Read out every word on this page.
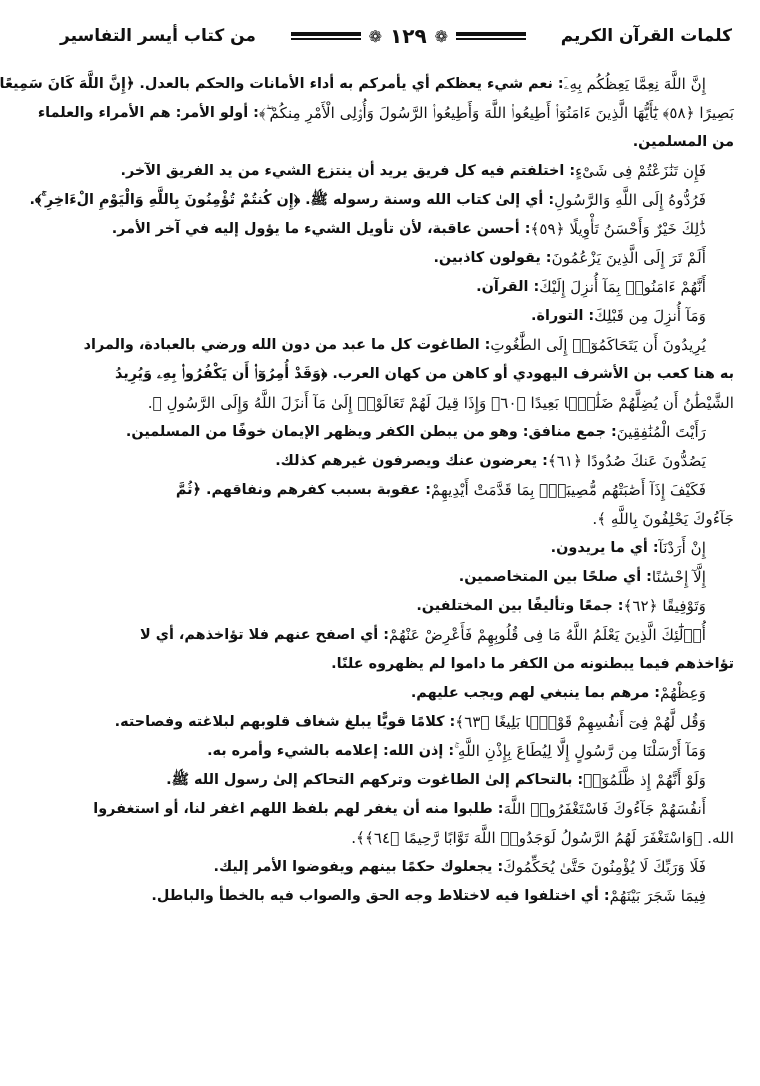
كلمات القرآن الكريم
❁ ١٢٩ ❁
من كتاب أيسر التفاسير
إِنَّ اللَّهَ نِعِمَّا يَعِظُكُم بِهِۦٓ
: نعم شيء يعظكم أي يأمركم به أداء الأمانات والحكم بالعدل. ﴿إِنَّ اللَّهَ كَانَ سَمِيعًا
بَصِيرًا ﴿٥٨﴾ يَٰٓأَيُّهَا الَّذِينَ ءَامَنُوٓا۟ أَطِيعُوا۟ اللَّهَ وَأَطِيعُوا۟ الرَّسُولَ وَأُو۟لِى الْأَمْرِ مِنكُمْ ۖ﴾
: أولو الأمر: هم الأمراء والعلماء
من المسلمين.
فَإِن تَنَٰزَعْتُمْ فِى شَىْءٍ
: اختلفتم فيه كل فريق يريد أن ينتزع الشيء من يد الفريق الآخر.
فَرُدُّوهُ إِلَى اللَّهِ وَالرَّسُولِ
: أي إلىٰ كتاب الله وسنة رسوله ﷺ. ﴿إِن كُنتُمْ تُؤْمِنُونَ بِاللَّهِ وَالْيَوْمِ الْءَاخِرِ ۚ﴾.
ذَٰلِكَ خَيْرٌ وَأَحْسَنُ تَأْوِيلًا ﴿٥٩﴾
: أحسن عاقبة، لأن تأويل الشيء ما يؤول إليه في آخر الأمر.
أَلَمْ تَرَ إِلَى الَّذِينَ يَزْعُمُونَ
: يقولون كاذبين.
أَنَّهُمْ ءَامَنُوا۟ بِمَآ أُنزِلَ إِلَيْكَ
: القرآن.
وَمَآ أُنزِلَ مِن قَبْلِكَ
: التوراة.
يُرِيدُونَ أَن يَتَحَاكَمُوٓا۟ إِلَى الطَّٰغُوتِ
: الطاغوت كل ما عبد من دون الله ورضي بالعبادة، والمراد
به هنا كعب بن الأشرف اليهودي أو كاهن من كهان العرب. ﴿وَقَدْ أُمِرُوٓا۟ أَن يَكْفُرُوا۟ بِهِۦ وَيُرِيدُ
الشَّيْطَٰنُ أَن يُضِلَّهُمْ ضَلَٰلًۢا بَعِيدًا ﴿٦٠﴾ وَإِذَا قِيلَ لَهُمْ تَعَالَوْا۟ إِلَىٰ مَآ أَنزَلَ اللَّهُ وَإِلَى الرَّسُولِ ﴾.
رَأَيْتَ الْمُنَٰفِقِينَ
: جمع منافق: وهو من يبطن الكفر ويظهر الإيمان خوفًا من المسلمين.
يَصُدُّونَ عَنكَ صُدُودًا ﴿٦١﴾
: يعرضون عنك ويصرفون غيرهم كذلك.
فَكَيْفَ إِذَآ أَصَٰبَتْهُم مُّصِيبَةٌۢ بِمَا قَدَّمَتْ أَيْدِيهِمْ
: عقوبة بسبب كفرهم ونفاقهم. ﴿ثُمَّ
جَآءُوكَ يَحْلِفُونَ بِاللَّهِ ﴾.
إِنْ أَرَدْنَآ
: أي ما يريدون.
إِلَّآ إِحْسَٰنًا
: أي صلحًا بين المتخاصمين.
وَتَوْفِيقًا ﴿٦٢﴾
: جمعًا وتأليفًا بين المختلفين.
أُو۟لَٰٓئِكَ الَّذِينَ يَعْلَمُ اللَّهُ مَا فِى قُلُوبِهِمْ فَأَعْرِضْ عَنْهُمْ
: أي اصفح عنهم فلا تؤاخذهم، أي لا
تؤاخذهم فيما يبطنونه من الكفر ما داموا لم يظهروه علنًا.
وَعِظْهُمْ
: مرهم بما ينبغي لهم ويجب عليهم.
وَقُل لَّهُمْ فِىٓ أَنفُسِهِمْ قَوْلًۢا بَلِيغًا ﴿٦٣﴾
: كلامًا قويًّا يبلغ شغاف قلوبهم لبلاغته وفصاحته.
وَمَآ أَرْسَلْنَا مِن رَّسُولٍ إِلَّا لِيُطَاعَ بِإِذْنِ اللَّهِ ۚ
: إذن الله: إعلامه بالشيء وأمره به.
وَلَوْ أَنَّهُمْ إِذ ظَّلَمُوٓا۟
: بالتحاكم إلىٰ الطاغوت وتركهم التحاكم إلىٰ رسول الله ﷺ.
أَنفُسَهُمْ جَآءُوكَ فَاسْتَغْفَرُوا۟ اللَّهَ
: طلبوا منه أن يغفر لهم بلفظ اللهم اغفر لنا، أو استغفروا
الله. ﴿وَاسْتَغْفَرَ لَهُمُ الرَّسُولُ لَوَجَدُوا۟ اللَّهَ تَوَّابًا رَّحِيمًا ﴿٦٤﴾﴾.
فَلَا وَرَبِّكَ لَا يُؤْمِنُونَ حَتَّىٰ يُحَكِّمُوكَ
: يجعلوك حكمًا بينهم ويفوضوا الأمر إليك.
فِيمَا شَجَرَ بَيْنَهُمْ
: أي اختلفوا فيه لاختلاط وجه الحق والصواب فيه بالخطأ والباطل.
